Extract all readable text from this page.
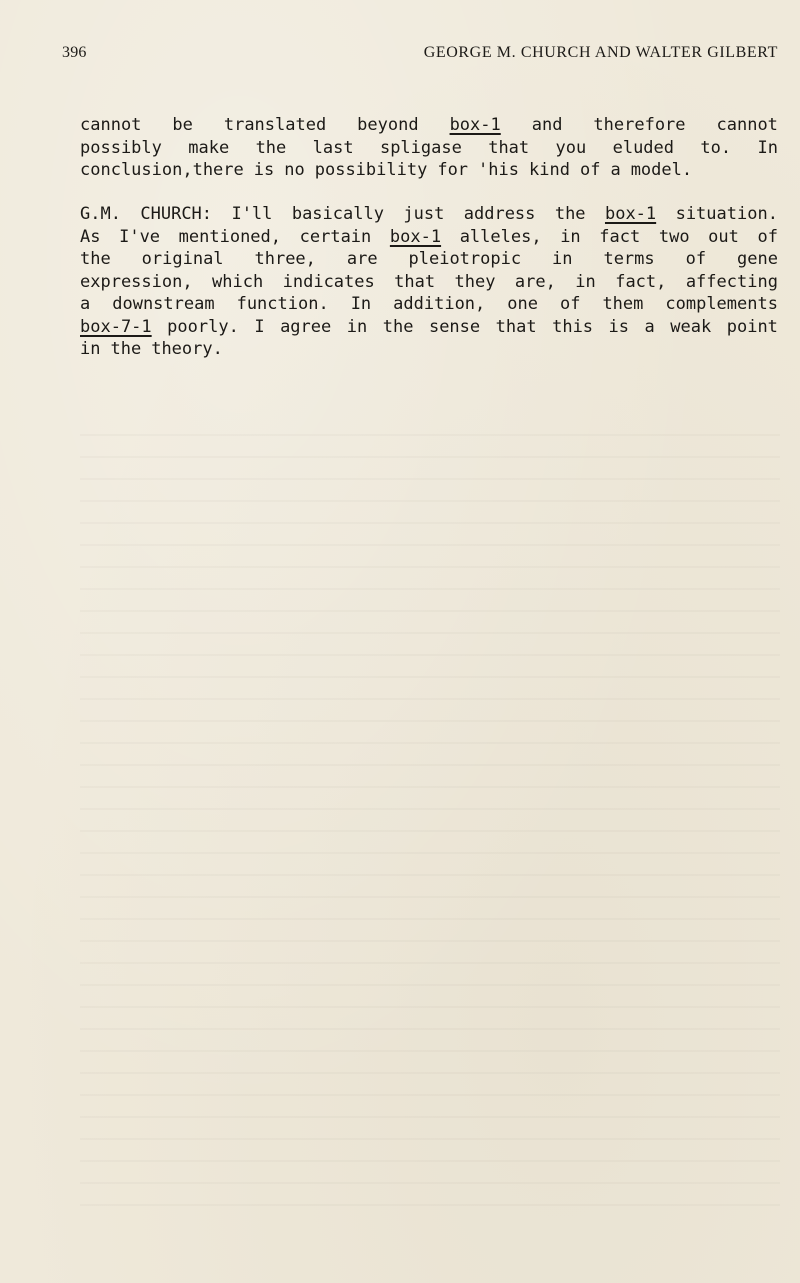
396	GEORGE M. CHURCH AND WALTER GILBERT
cannot be translated beyond box-1 and therefore cannot
possibly make the last spligase that you eluded to. In
conclusion,there is no possibility for 'his kind of a model.
G.M. CHURCH: I'll basically just address the box-1 situation.
As I've mentioned, certain box-1 alleles, in fact two out of
the original three, are pleiotropic in terms of gene
expression, which indicates that they are, in fact, affecting
a downstream function. In addition, one of them complements
box-7-1 poorly. I agree in the sense that this is a weak point
in the theory.
